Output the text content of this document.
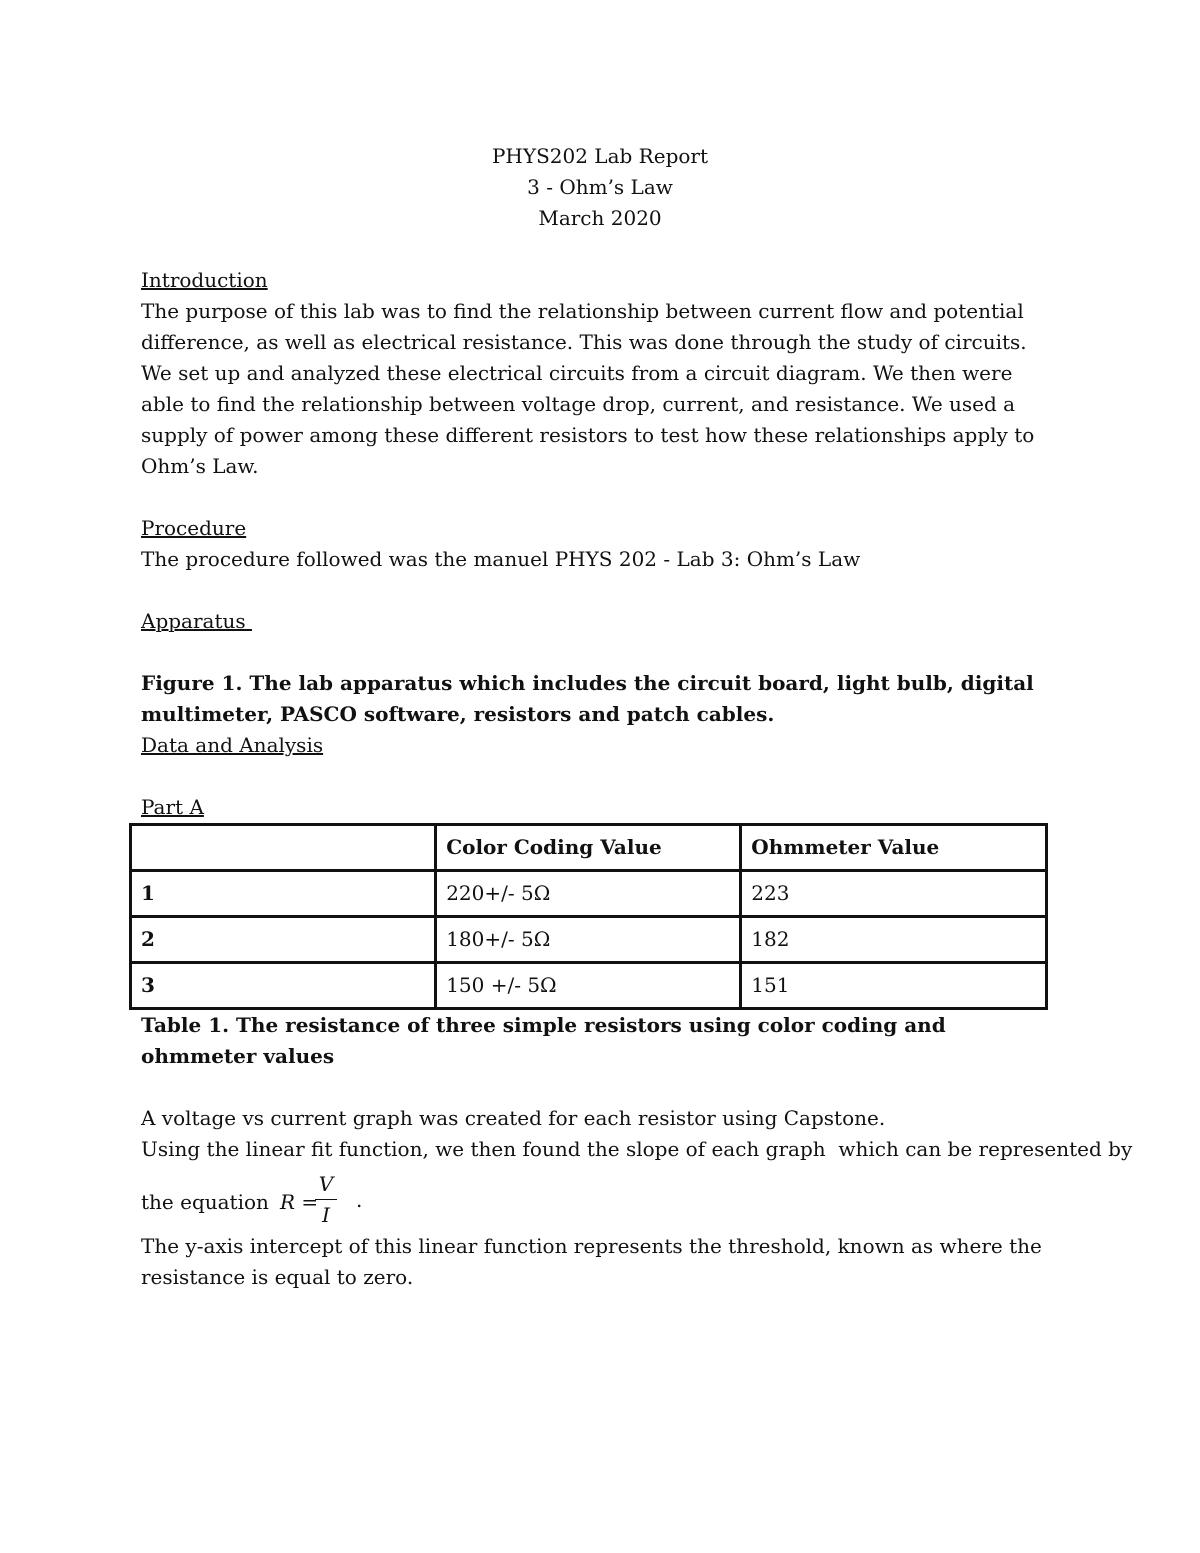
PHYS202 Lab Report
3 - Ohm’s Law
March 2020
Introduction

The purpose of this lab was to find the relationship between current flow and potential difference, as well as electrical resistance. This was done through the study of circuits. We set up and analyzed these electrical circuits from a circuit diagram. We then were able to find the relationship between voltage drop, current, and resistance. We used a supply of power among these different resistors to test how these relationships apply to Ohm’s Law.

Procedure

The procedure followed was the manuel PHYS 202 - Lab 3: Ohm’s Law

Apparatus

Figure 1. The lab apparatus which includes the circuit board, light bulb, digital multimeter, PASCO software, resistors and patch cables.

Data and Analysis
Part A
	Color Coding Value	Ohmmeter Value
1	220+/- 5Ω	223
2	180+/- 5Ω	182
3	150 +/- 5Ω	151

Table 1. The resistance of three simple resistors using color coding and ohmmeter values

A voltage vs current graph was created for each resistor using Capstone.

Using the linear fit function, we then found the slope of each graph  which can be represented by

the equation R =
V
I
.

The y-axis intercept of this linear function represents the threshold, known as where the resistance is equal to zero.
